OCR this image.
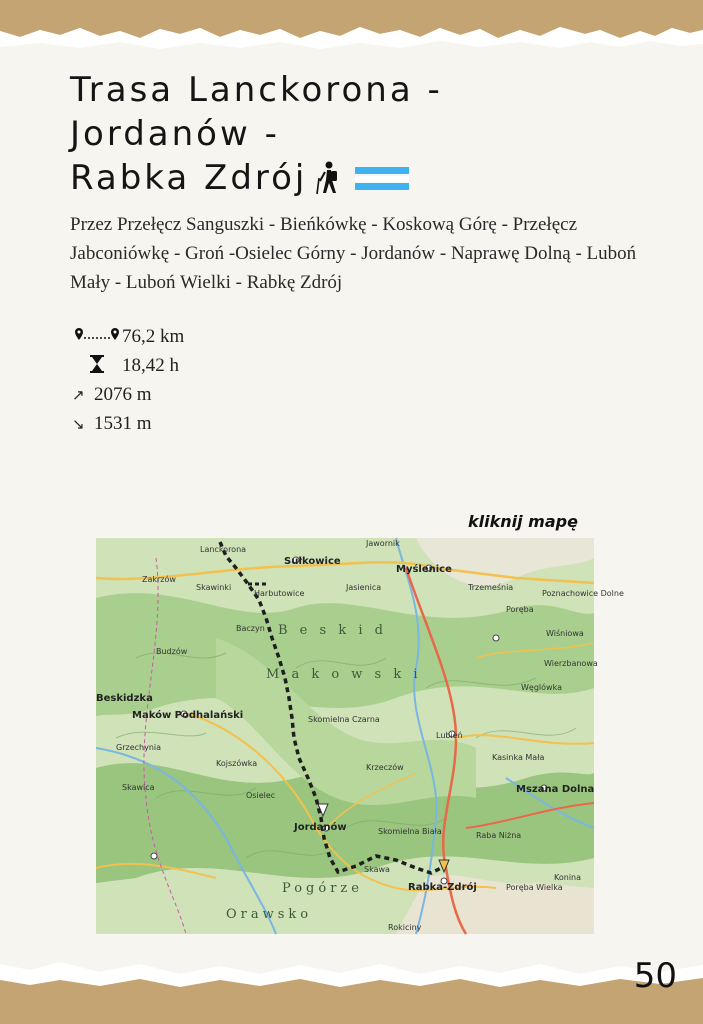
Trasa Lanckorona -
Jordanów -
Rabka Zdrój
Przez Przełęcz Sanguszki - Bieńkówkę - Koskową Górę - Przełęcz Jabconiówkę - Groń -Osielec Górny - Jordanów - Naprawę Dolną - Luboń Mały - Luboń Wielki - Rabkę Zdrój
76,2 km
18,42 h
↗ 2076 m
↘ 1531 m
kliknij mapę
Lanckorona
Sułkowice
Jawornik
Myślenice
Zakrzów
Skawinki
Harbutowice
Jasienica	Trzemeśnia
Poręba
Poznachowice Dolne
Baczyn
Budzów
Wiśniowa
Wierzbanowa
B e s k i d
M a k o w s k i
Beskidzka
Maków Podhalański
Węglówka
Skomielna Czarna
Lubień
Grzechynia
Kojszówka	Krzeczów
Kasinka Mała
Skawica
Osielec
Mszana Dolna
Jordanów	Skomielna Biała	Raba Niżna
Skawa
Rabka-Zdrój	Poręba Wielka
Konina
Pogórze
Orawsko
Rokiciny
50
